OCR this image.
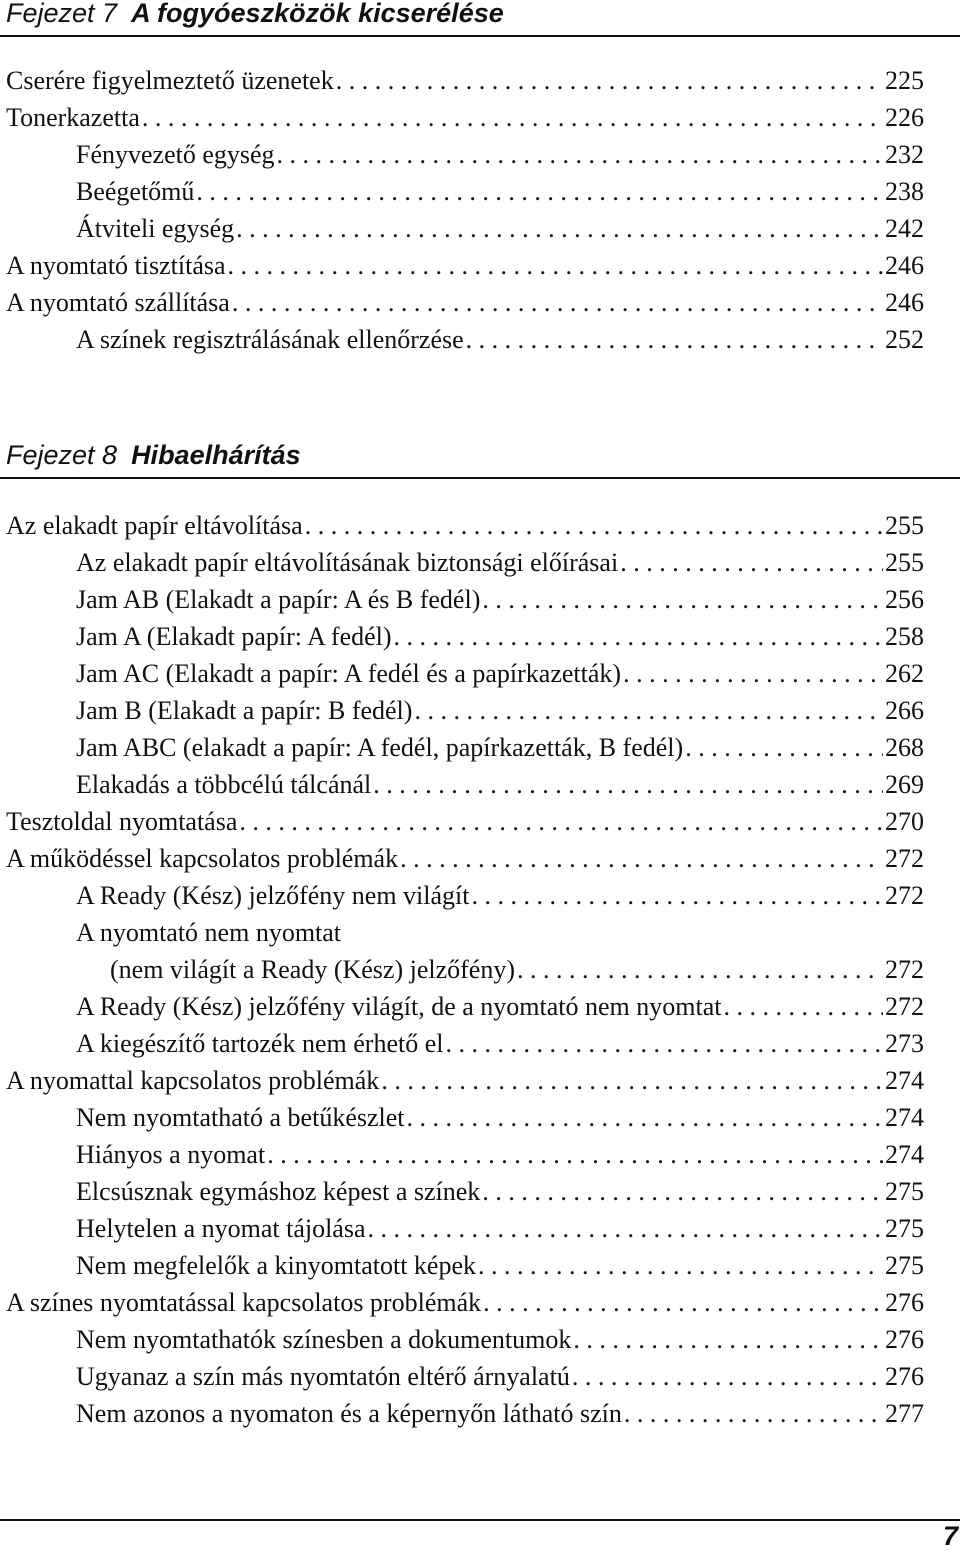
Fejezet 7 A fogyóeszközök kicserélése
Cserére figyelmeztető üzenetek . . .	225
Tonerkazetta . . .	226
Fényvezető egység . . .	232
Beégetőmű . . .	238
Átviteli egység . . .	242
A nyomtató tisztítása . . .	246
A nyomtató szállítása . . .	246
A színek regisztrálásának ellenőrzése . . .	252
Fejezet 8 Hibaelhárítás
Az elakadt papír eltávolítása . . .	255
Az elakadt papír eltávolításának biztonsági előírásai . . .	255
Jam AB (Elakadt a papír: A és B fedél) . . .	256
Jam A (Elakadt papír: A fedél) . . .	258
Jam AC (Elakadt a papír: A fedél és a papírkazetták) . . .	262
Jam B (Elakadt a papír: B fedél) . . .	266
Jam ABC (elakadt a papír: A fedél, papírkazetták, B fedél) . . .	268
Elakadás a többcélú tálcánál . . .	269
Tesztoldal nyomtatása . . .	270
A működéssel kapcsolatos problémák . . .	272
A Ready (Kész) jelzőfény nem világít . . .	272
A nyomtató nem nyomtat
(nem világít a Ready (Kész) jelzőfény) . . .	272
A Ready (Kész) jelzőfény világít, de a nyomtató nem nyomtat . . .	272
A kiegészítő tartozék nem érhető el . . .	273
A nyomattal kapcsolatos problémák . . .	274
Nem nyomtatható a betűkészlet . . .	274
Hiányos a nyomat . . .	274
Elcsúsznak egymáshoz képest a színek . . .	275
Helytelen a nyomat tájolása . . .	275
Nem megfelelők a kinyomtatott képek . . .	275
A színes nyomtatással kapcsolatos problémák . . .	276
Nem nyomtathatók színesben a dokumentumok . . .	276
Ugyanaz a szín más nyomtatón eltérő árnyalatú . . .	276
Nem azonos a nyomaton és a képernyőn látható szín . . .	277
7
